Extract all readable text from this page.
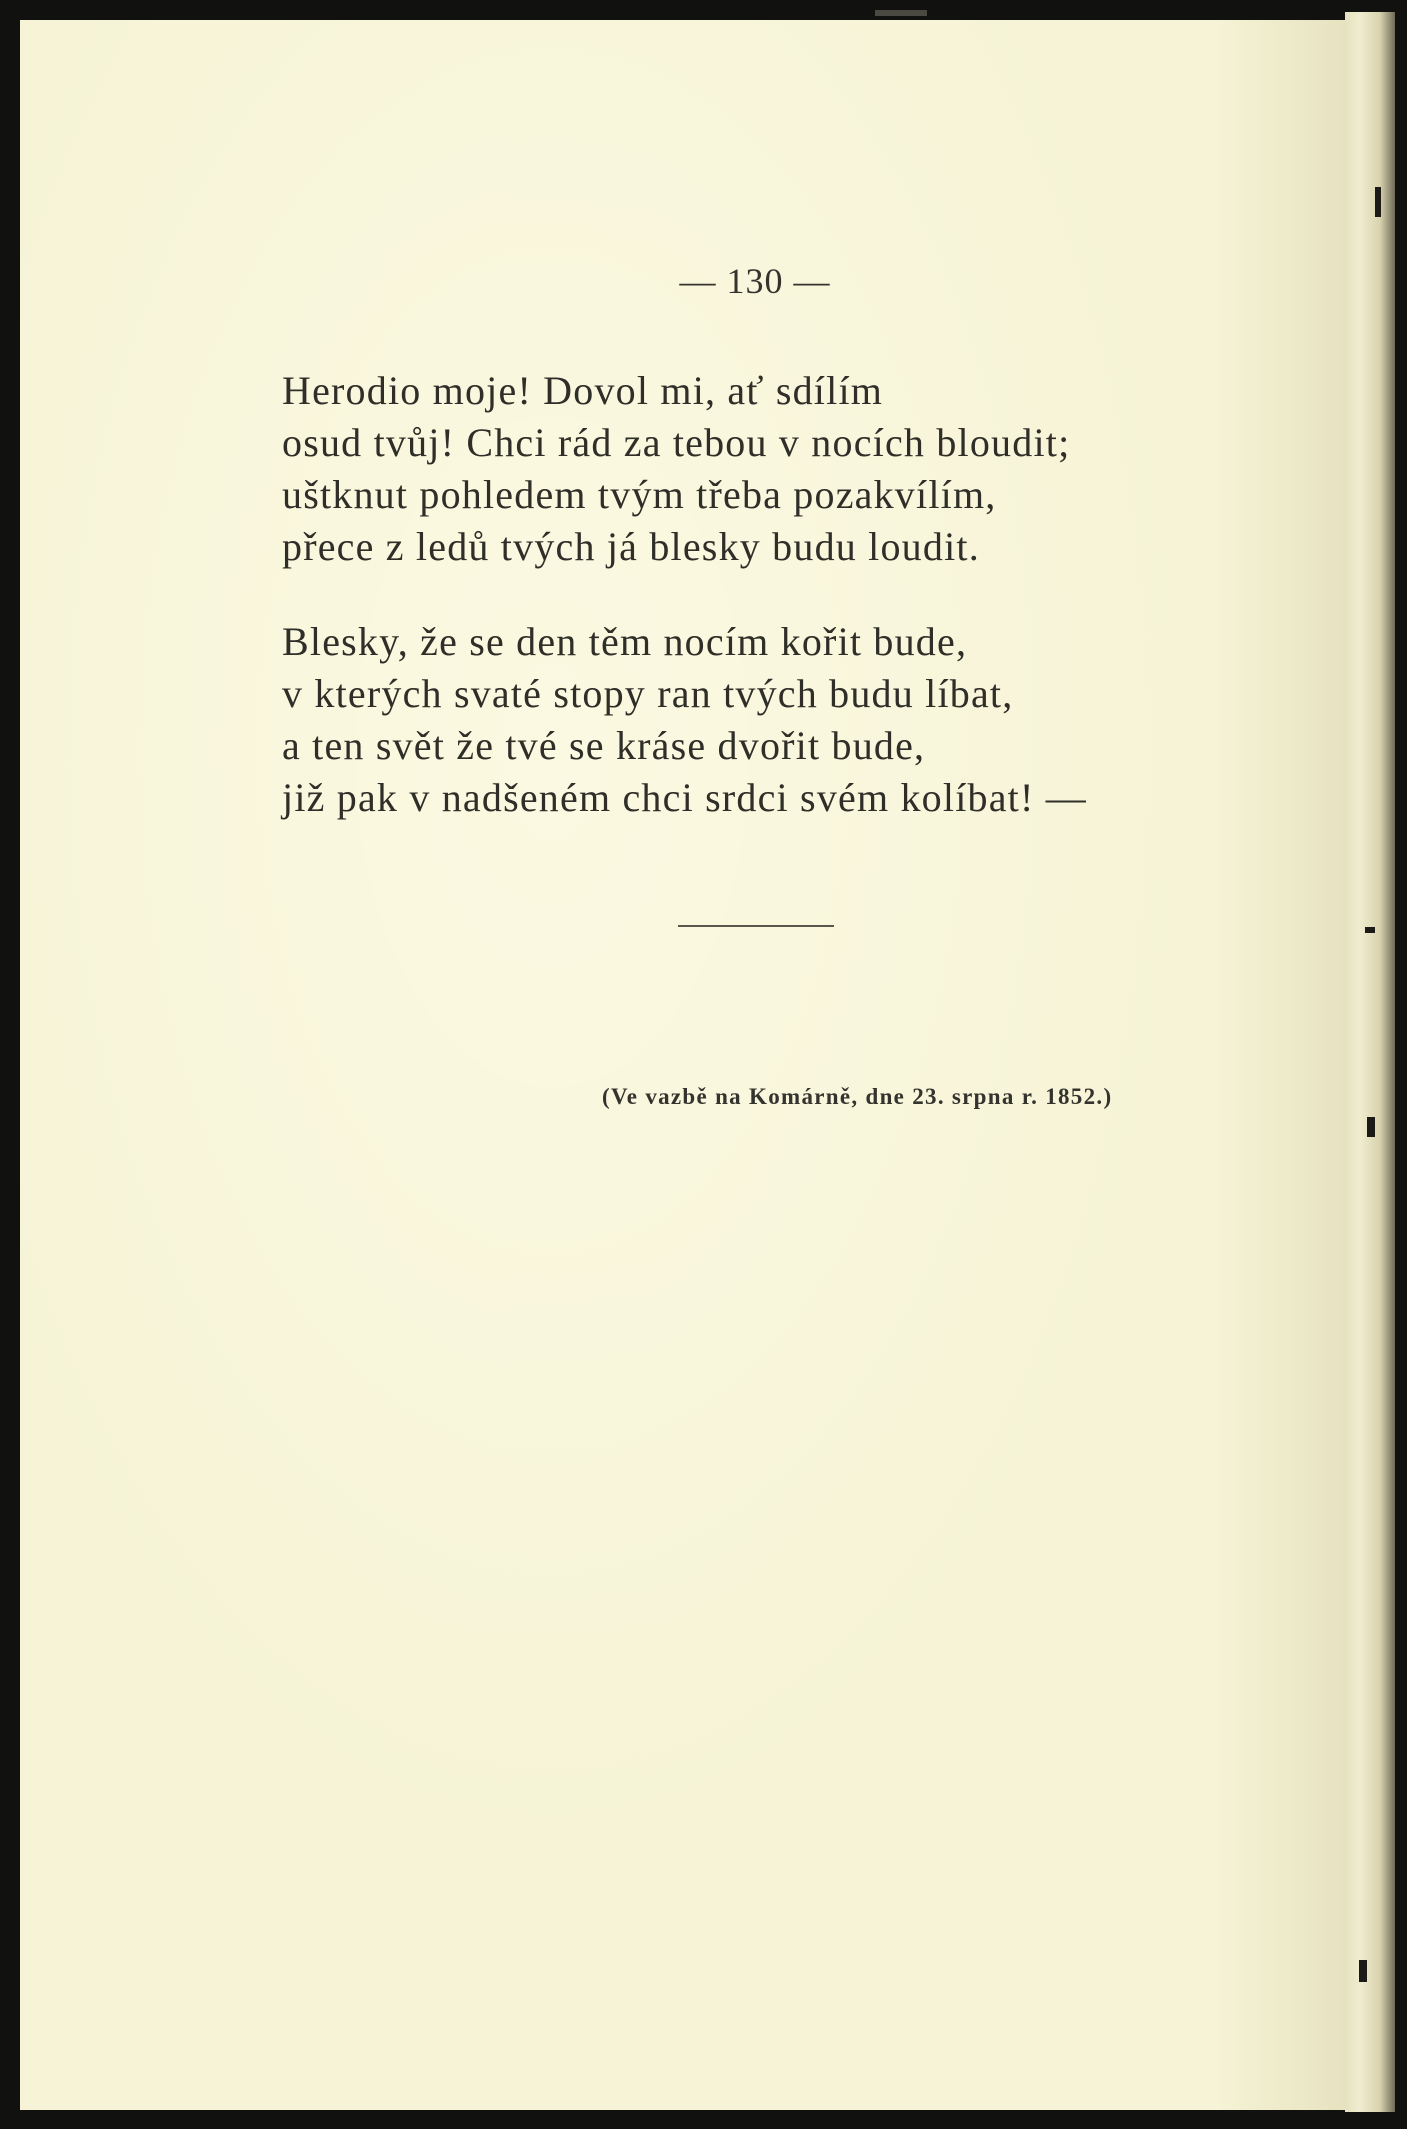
— 130 —
Herodio moje! Dovol mi, ať sdílím
osud tvůj! Chci rád za tebou v nocích bloudit;
uštknut pohledem tvým třeba pozakvílím,
přece z ledů tvých já blesky budu loudit.
Blesky, že se den těm nocím kořit bude,
v kterých svaté stopy ran tvých budu líbat,
a ten svět že tvé se kráse dvořit bude,
již pak v nadšeném chci srdci svém kolíbat! —
(Ve vazbě na Komárně, dne 23. srpna r. 1852.)
